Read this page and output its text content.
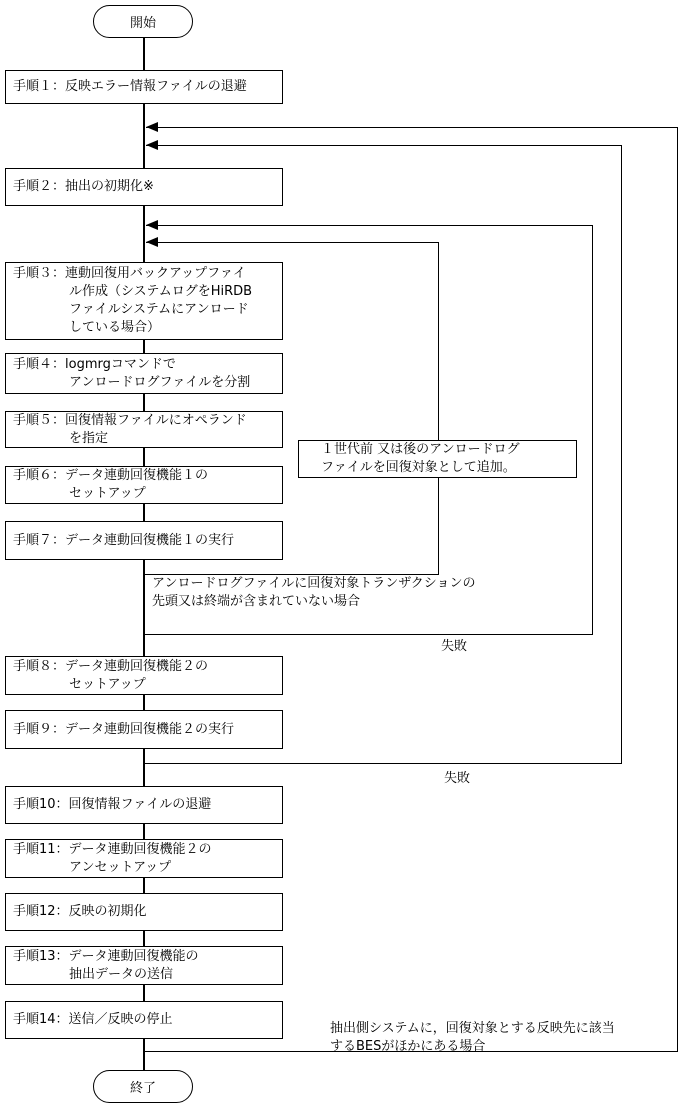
開始
手順１：反映エラー情報ファイルの退避
手順２：抽出の初期化※
手順３：連動回復用バックアップファイ
ル作成（システムログをHiRDB
ファイルシステムにアンロード
している場合）
手順４：logmrgコマンドで
アンロードログファイルを分割
手順５：回復情報ファイルにオペランド
を指定
手順６：データ連動回復機能１の
セットアップ
手順７：データ連動回復機能１の実行
手順８：データ連動回復機能２の
セットアップ
手順９：データ連動回復機能２の実行
手順10：回復情報ファイルの退避
手順11：データ連動回復機能２の
アンセットアップ
手順12：反映の初期化
手順13：データ連動回復機能の
抽出データの送信
手順14：送信／反映の停止
１世代前 又は後のアンロードログ
ファイルを回復対象として追加。
アンロードログファイルに回復対象トランザクションの
先頭又は終端が含まれていない場合
失敗
失敗
抽出側システムに，回復対象とする反映先に該当
するBESがほかにある場合
終了
